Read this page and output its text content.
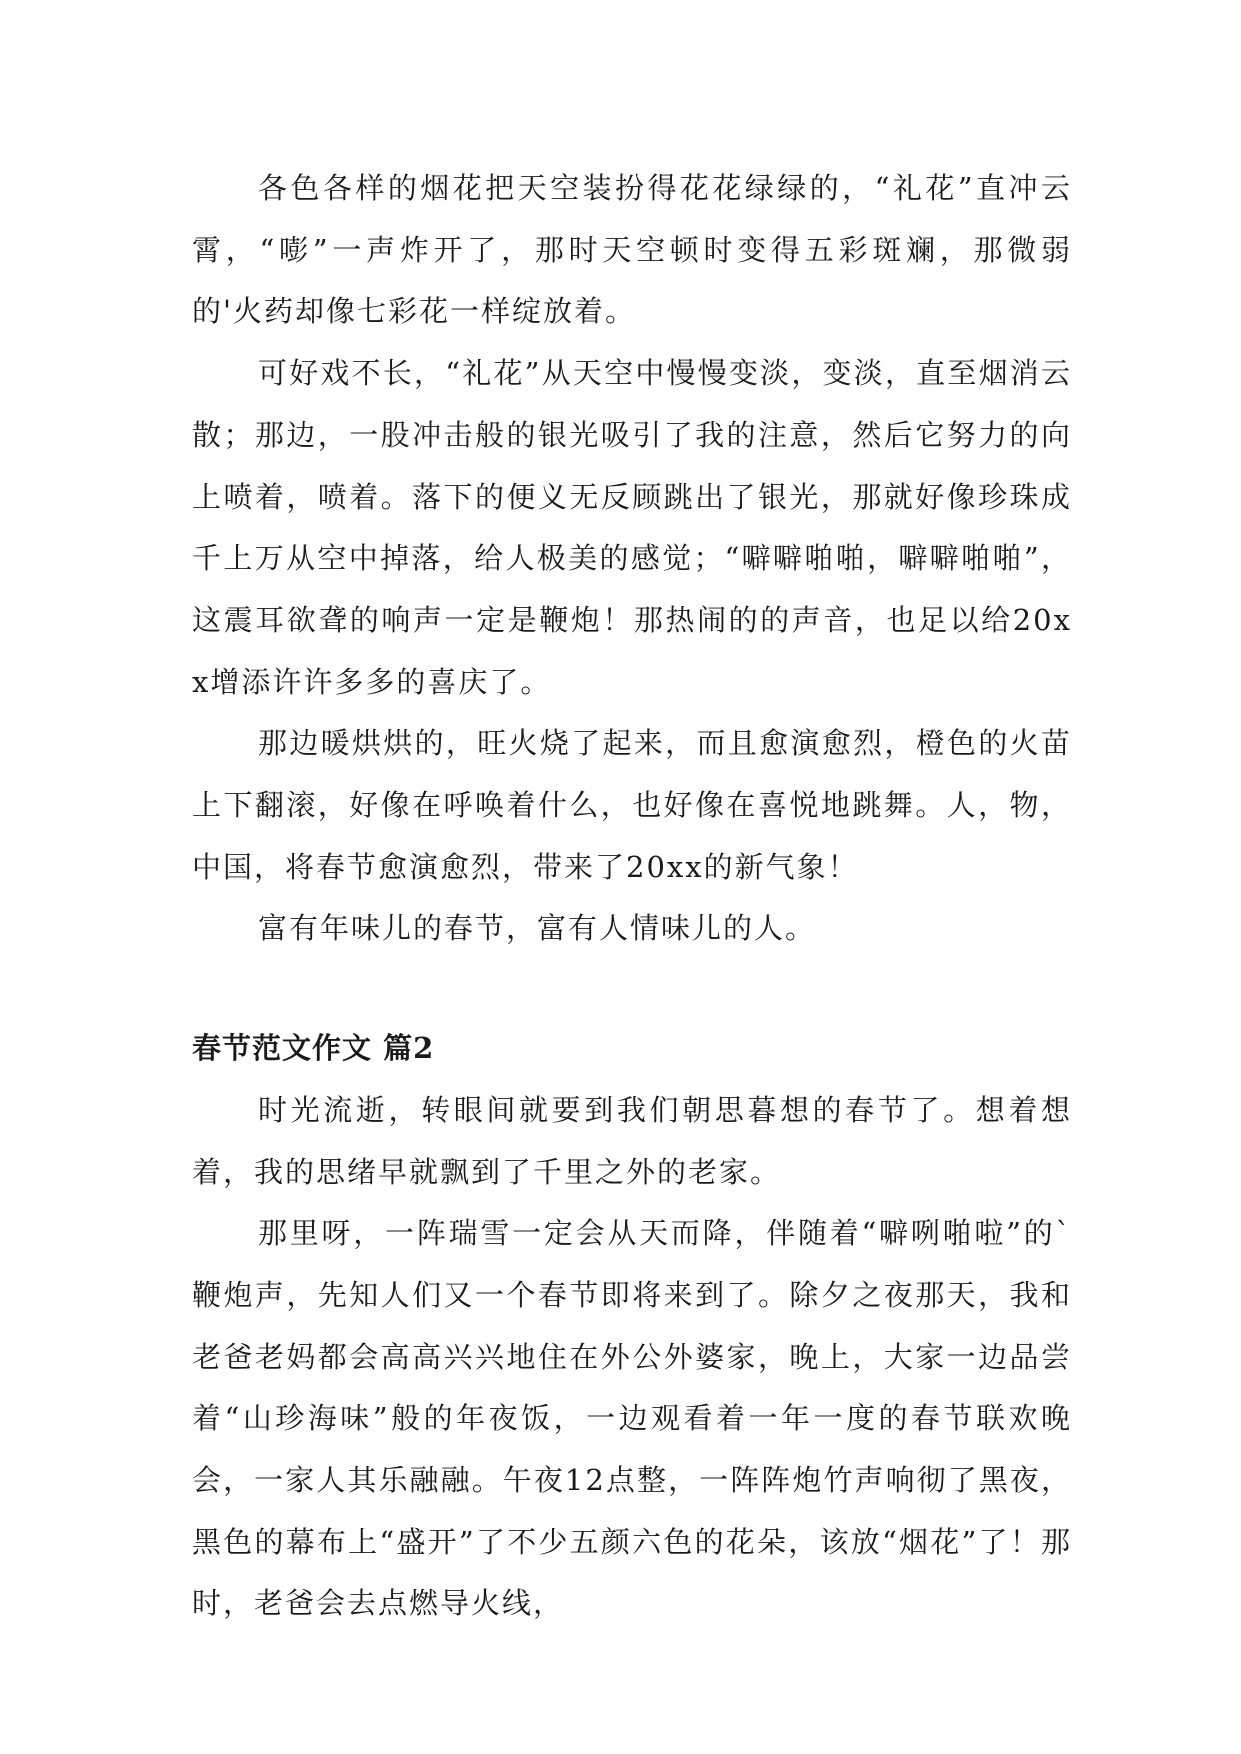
各色各样的烟花把天空装扮得花花绿绿的，“礼花”直冲云霄，“嘭”一声炸开了，那时天空顿时变得五彩斑斓，那微弱的'火药却像七彩花一样绽放着。

可好戏不长，“礼花”从天空中慢慢变淡，变淡，直至烟消云散；那边，一股冲击般的银光吸引了我的注意，然后它努力的向上喷着，喷着。落下的便义无反顾跳出了银光，那就好像珍珠成千上万从空中掉落，给人极美的感觉；“噼噼啪啪，噼噼啪啪”，这震耳欲聋的响声一定是鞭炮！那热闹的的声音，也足以给20xx增添许许多多的喜庆了。

那边暖烘烘的，旺火烧了起来，而且愈演愈烈，橙色的火苗上下翻滚，好像在呼唤着什么，也好像在喜悦地跳舞。人，物，中国，将春节愈演愈烈，带来了20xx的新气象！

富有年味儿的春节，富有人情味儿的人。

春节范文作文 篇2

时光流逝，转眼间就要到我们朝思暮想的春节了。想着想着，我的思绪早就飘到了千里之外的老家。

那里呀，一阵瑞雪一定会从天而降，伴随着“噼咧啪啦”的`鞭炮声，先知人们又一个春节即将来到了。除夕之夜那天，我和老爸老妈都会高高兴兴地住在外公外婆家，晚上，大家一边品尝着“山珍海味”般的年夜饭，一边观看着一年一度的春节联欢晚会，一家人其乐融融。午夜12点整，一阵阵炮竹声响彻了黑夜，黑色的幕布上“盛开”了不少五颜六色的花朵，该放“烟花”了！那时，老爸会去点燃导火线，
